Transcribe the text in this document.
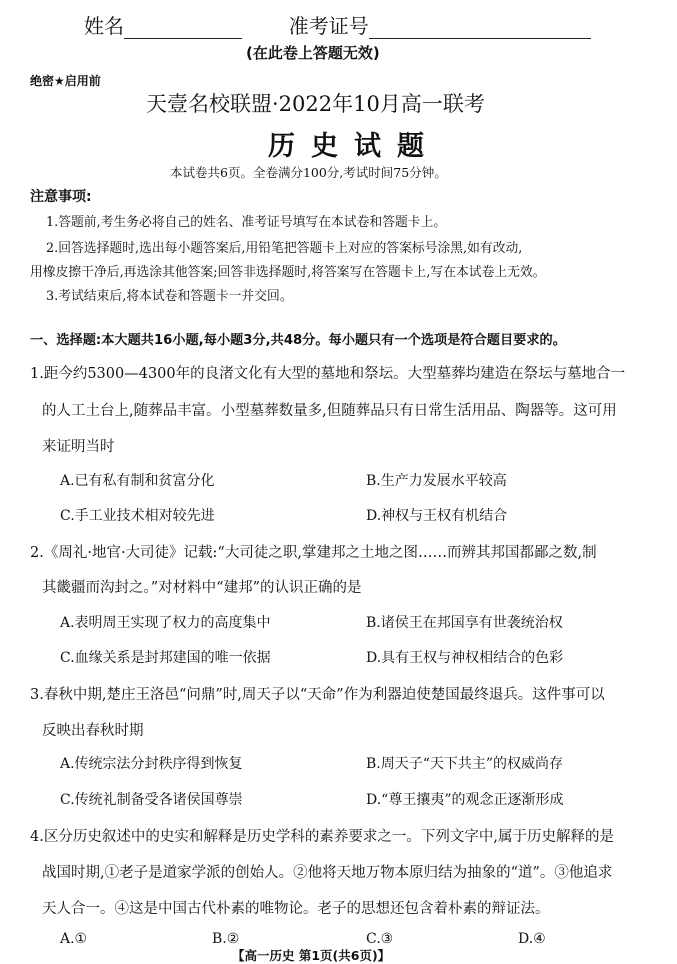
姓名	准考证号
(在此卷上答题无效)
绝密★启用前
天壹名校联盟·2022年10月高一联考
历史试题
本试卷共6页。全卷满分100分,考试时间75分钟。
注意事项:
1.答题前,考生务必将自己的姓名、准考证号填写在本试卷和答题卡上。
2.回答选择题时,选出每小题答案后,用铅笔把答题卡上对应的答案标号涂黑,如有改动,
用橡皮擦干净后,再选涂其他答案;回答非选择题时,将答案写在答题卡上,写在本试卷上无效。
3.考试结束后,将本试卷和答题卡一并交回。
一、选择题:本大题共16小题,每小题3分,共48分。每小题只有一个选项是符合题目要求的。
1.距今约5300—4300年的良渚文化有大型的墓地和祭坛。大型墓葬均建造在祭坛与墓地合一
的人工土台上,随葬品丰富。小型墓葬数量多,但随葬品只有日常生活用品、陶器等。这可用
来证明当时
A.已有私有制和贫富分化	B.生产力发展水平较高
C.手工业技术相对较先进	D.神权与王权有机结合
2.《周礼·地官·大司徒》记载:“大司徒之职,掌建邦之土地之图……而辨其邦国都鄙之数,制
其畿疆而沟封之。”对材料中“建邦”的认识正确的是
A.表明周王实现了权力的高度集中	B.诸侯王在邦国享有世袭统治权
C.血缘关系是封邦建国的唯一依据	D.具有王权与神权相结合的色彩
3.春秋中期,楚庄王洛邑“问鼎”时,周天子以“天命”作为利器迫使楚国最终退兵。这件事可以
反映出春秋时期
A.传统宗法分封秩序得到恢复	B.周天子“天下共主”的权威尚存
C.传统礼制备受各诸侯国尊崇	D.“尊王攘夷”的观念正逐渐形成
4.区分历史叙述中的史实和解释是历史学科的素养要求之一。下列文字中,属于历史解释的是
战国时期,①老子是道家学派的创始人。②他将天地万物本原归结为抽象的“道”。③他追求
天人合一。④这是中国古代朴素的唯物论。老子的思想还包含着朴素的辩证法。
A.①	B.②	C.③	D.④
【高一历史 第1页(共6页)】
